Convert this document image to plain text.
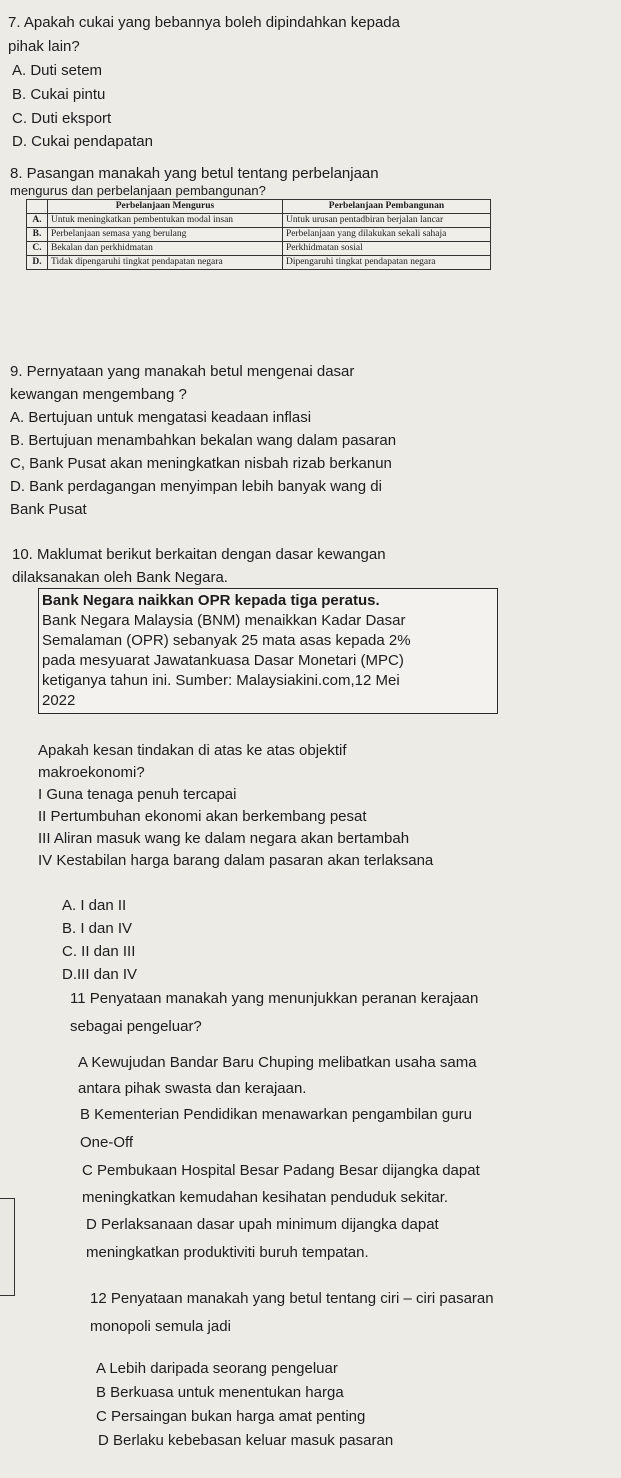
7. Apakah cukai yang bebannya boleh dipindahkan kepada
pihak lain?
A. Duti setem
B. Cukai pintu
C. Duti eksport
D. Cukai pendapatan
8. Pasangan manakah yang betul tentang perbelanjaan
mengurus dan perbelanjaan pembangunan?
	Perbelanjaan Mengurus	Perbelanjaan Pembangunan
A.	Untuk meningkatkan pembentukan modal insan	Untuk urusan pentadbiran berjalan lancar
B.	Perbelanjaan semasa yang berulang	Perbelanjaan yang dilakukan sekali sahaja
C.	Bekalan dan perkhidmatan	Perkhidmatan sosial
D.	Tidak dipengaruhi tingkat pendapatan negara	Dipengaruhi tingkat pendapatan negara
9. Pernyataan yang manakah betul mengenai dasar
kewangan mengembang ?
A. Bertujuan untuk mengatasi keadaan inflasi
B. Bertujuan menambahkan bekalan wang dalam pasaran
C, Bank Pusat akan meningkatkan nisbah rizab berkanun
D. Bank perdagangan menyimpan lebih banyak wang di
Bank Pusat
10. Maklumat berikut berkaitan dengan dasar kewangan
dilaksanakan oleh Bank Negara.
Bank Negara naikkan OPR kepada tiga peratus.
Bank Negara Malaysia (BNM) menaikkan Kadar Dasar
Semalaman (OPR) sebanyak 25 mata asas kepada 2%
pada mesyuarat Jawatankuasa Dasar Monetari (MPC)
ketiganya tahun ini. Sumber: Malaysiakini.com,12 Mei
2022
Apakah kesan tindakan di atas ke atas objektif
makroekonomi?
I Guna tenaga penuh tercapai
II Pertumbuhan ekonomi akan berkembang pesat
III Aliran masuk wang ke dalam negara akan bertambah
IV Kestabilan harga barang dalam pasaran akan terlaksana
A. I dan II
B. I dan IV
C. II dan III
D.III dan IV
11 Penyataan manakah yang menunjukkan peranan kerajaan
sebagai pengeluar?
A Kewujudan Bandar Baru Chuping melibatkan usaha sama
antara pihak swasta dan kerajaan.
B Kementerian Pendidikan menawarkan pengambilan guru
One-Off
C Pembukaan Hospital Besar Padang Besar dijangka dapat
meningkatkan kemudahan kesihatan penduduk sekitar.
D Perlaksanaan dasar upah minimum dijangka dapat
meningkatkan produktiviti buruh tempatan.
12 Penyataan manakah yang betul tentang ciri – ciri pasaran
monopoli semula jadi
A Lebih daripada seorang pengeluar
B Berkuasa untuk menentukan harga
C Persaingan bukan harga amat penting
D Berlaku kebebasan keluar masuk pasaran
